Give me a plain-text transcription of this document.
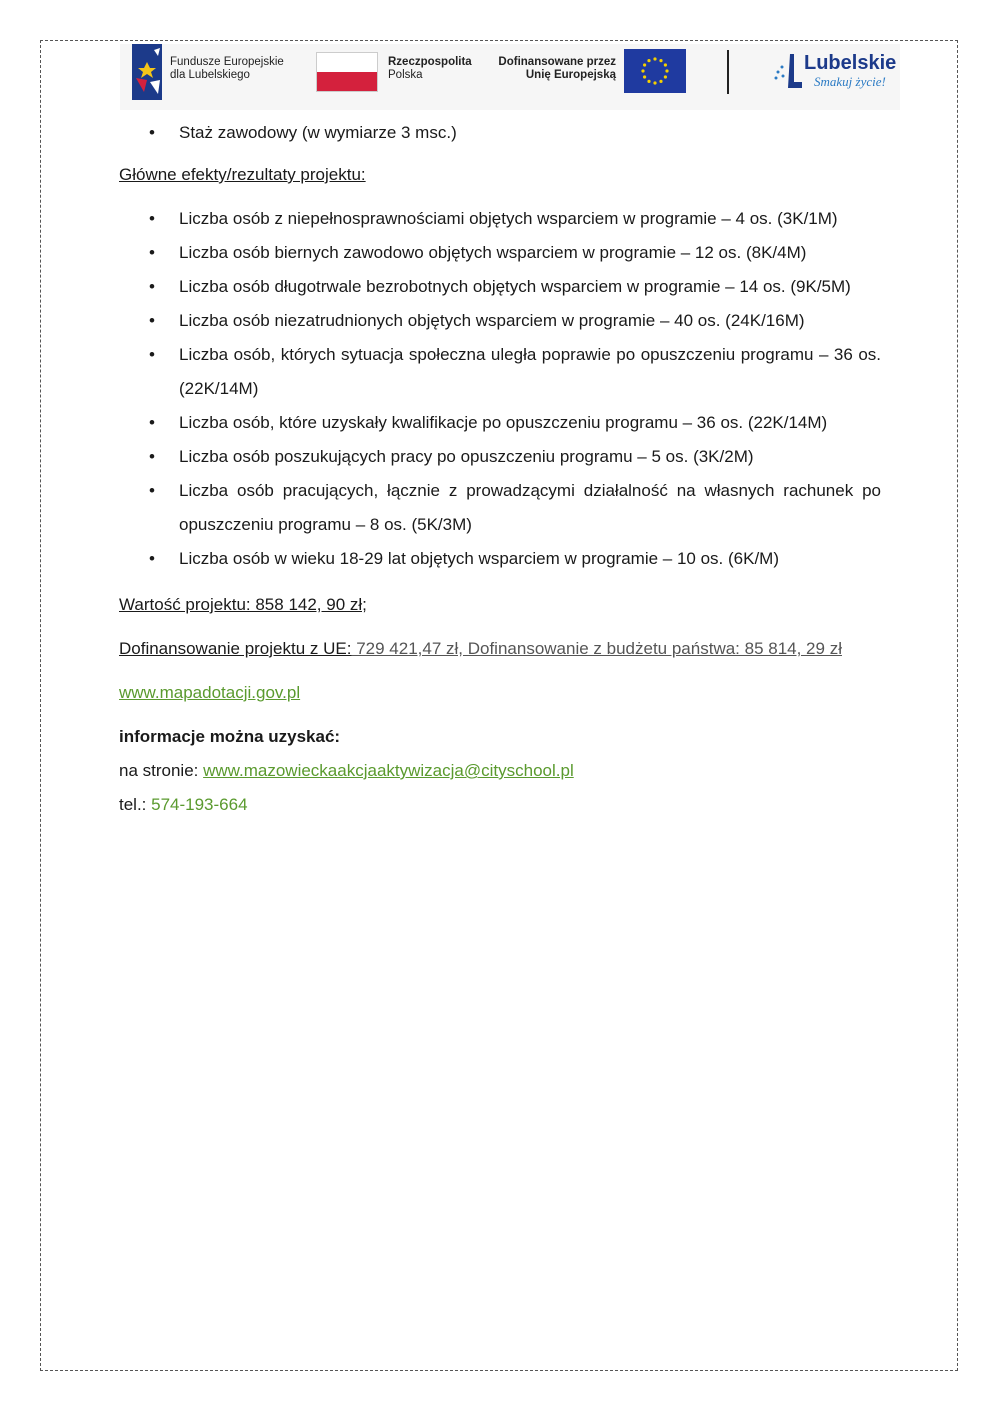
Fundusze Europejskie
dla Lubelskiego
Rzeczpospolita
Polska
Dofinansowane przez
Unię Europejską
Lubelskie
Smakuj życie!
• Staż zawodowy (w wymiarze 3 msc.)

Główne efekty/rezultaty projektu:

• Liczba osób z niepełnosprawnościami objętych wsparciem w programie – 4 os. (3K/1M)
• Liczba osób biernych zawodowo objętych wsparciem w programie – 12 os. (8K/4M)
• Liczba osób długotrwale bezrobotnych objętych wsparciem w programie – 14 os. (9K/5M)
• Liczba osób niezatrudnionych objętych wsparciem w programie – 40 os. (24K/16M)
• Liczba osób, których sytuacja społeczna uległa poprawie po opuszczeniu programu – 36 os. (22K/14M)
• Liczba osób, które uzyskały kwalifikacje po opuszczeniu programu – 36 os. (22K/14M)
• Liczba osób poszukujących pracy po opuszczeniu programu – 5 os. (3K/2M)
• Liczba osób pracujących, łącznie z prowadzącymi działalność na własnych rachunek po opuszczeniu programu – 8 os. (5K/3M)
• Liczba osób w wieku 18-29 lat objętych wsparciem w programie – 10 os. (6K/M)

Wartość projektu: 858 142, 90 zł;

Dofinansowanie projektu z UE: 729 421,47 zł, Dofinansowanie z budżetu państwa: 85 814, 29 zł

www.mapadotacji.gov.pl

informacje można uzyskać:

na stronie: www.mazowieckaakcjaaktywizacja@cityschool.pl

tel.: 574-193-664
